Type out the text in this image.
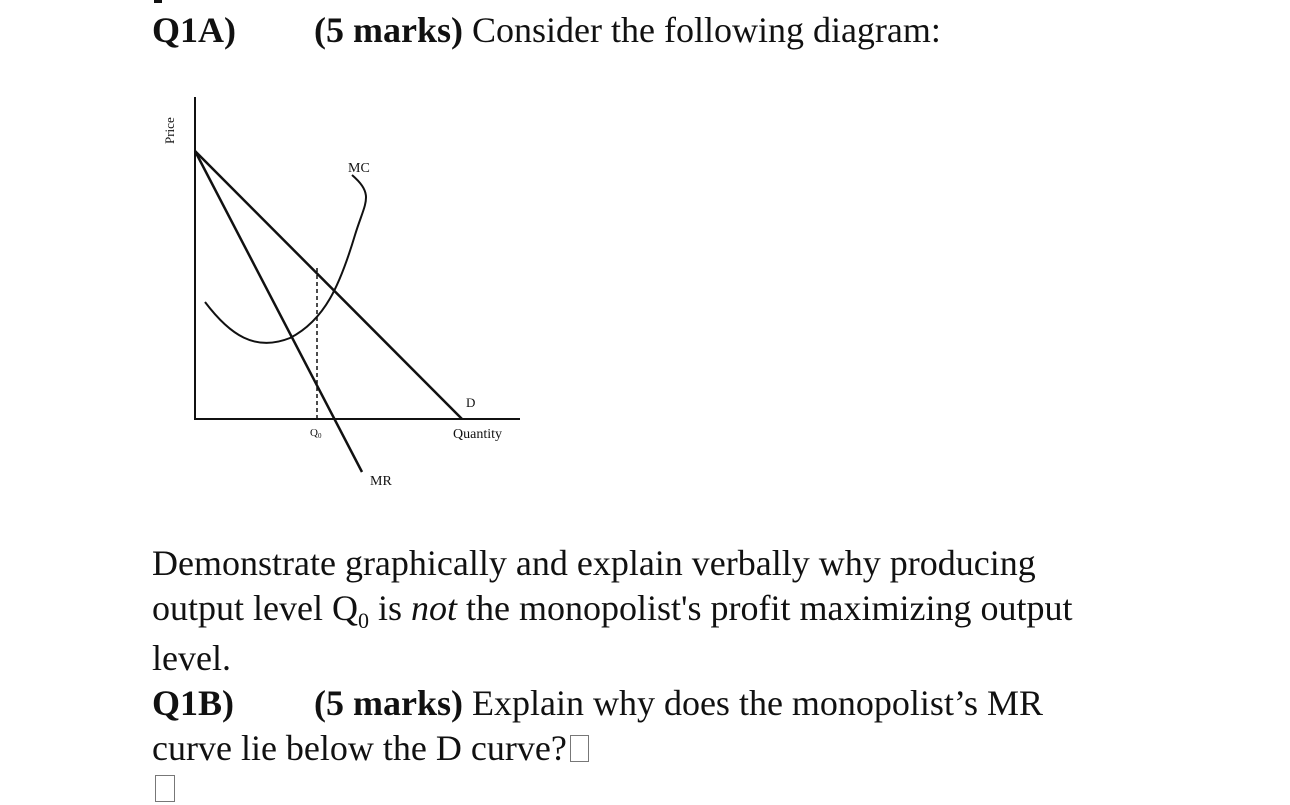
Q1A) (5 marks) Consider the following diagram:
Price
MC
D
Quantity
Q0
MR
Demonstrate graphically and explain verbally why producing
output level $Q_0$ is not the monopolist's profit maximizing output
level.
Q1B) (5 marks) Explain why does the monopolist’s MR
curve lie below the D curve?
